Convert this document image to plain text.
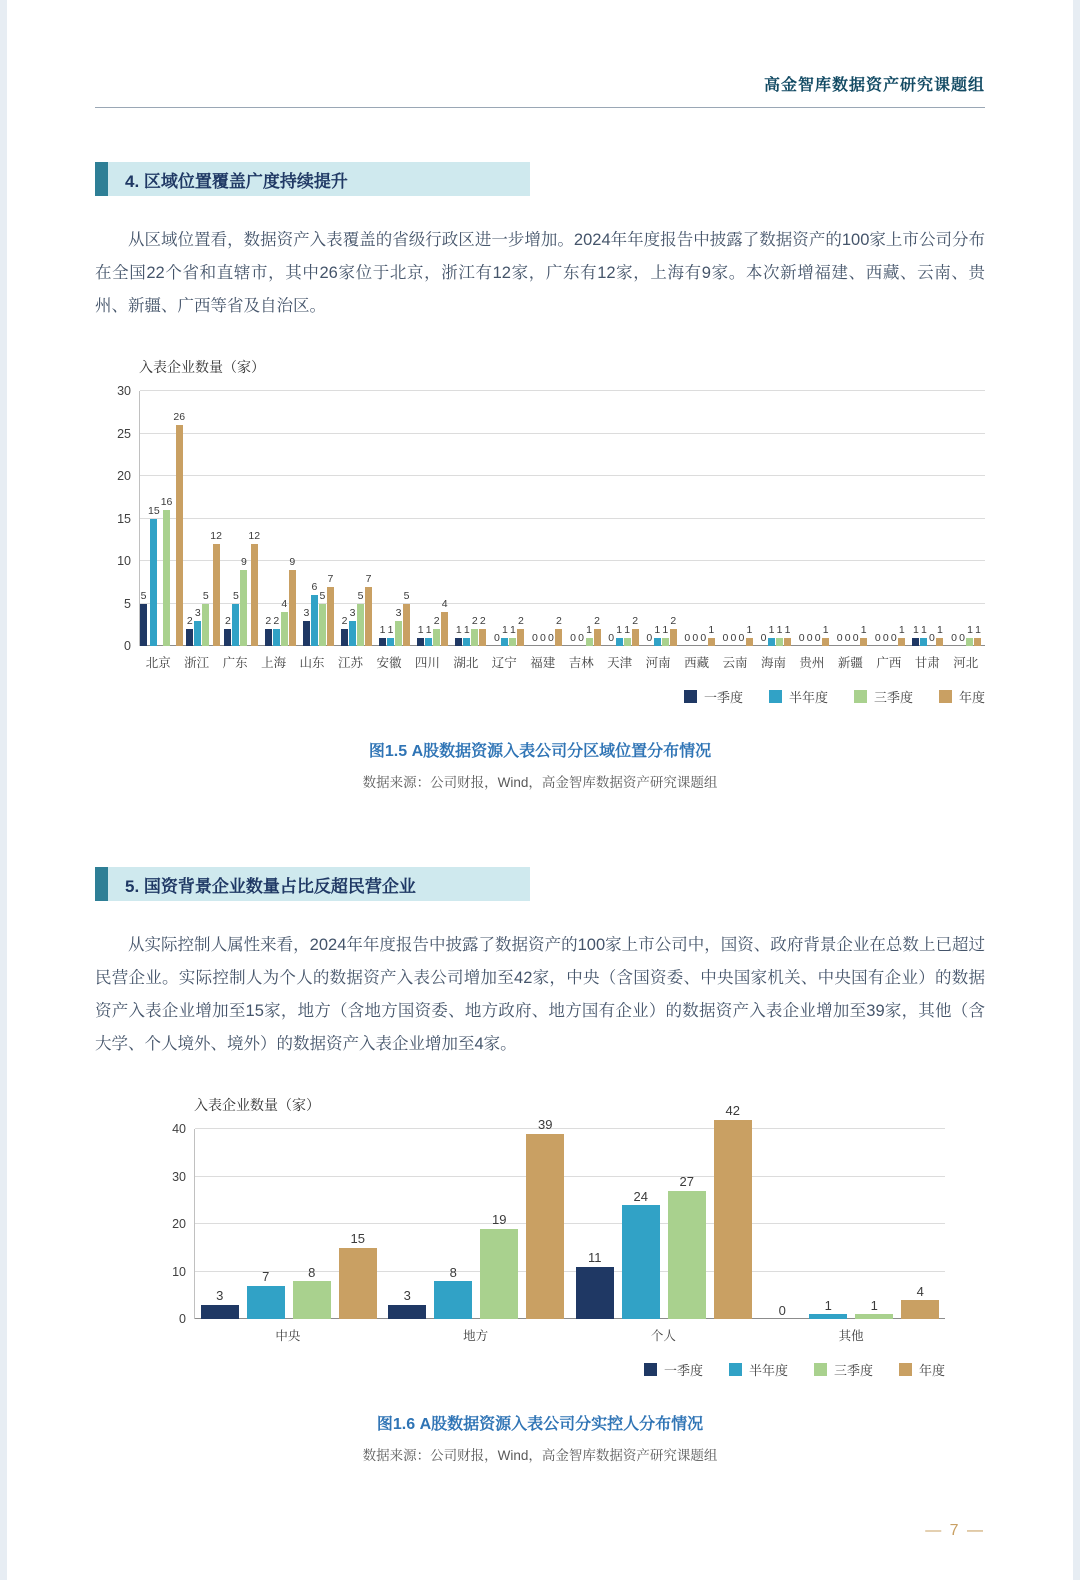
高金智库数据资产研究课题组
4. 区域位置覆盖广度持续提升

从区域位置看，数据资产入表覆盖的省级行政区进一步增加。2024年年度报告中披露了数据资产的100家上市公司分布在全国22个省和直辖市，其中26家位于北京，浙江有12家，广东有12家，上海有9家。本次新增福建、西藏、云南、贵州、新疆、广西等省及自治区。

入表企业数量（家）
0
5
10
15
20
25
30
5
15
16
26
2
3
5
12
2
5
9
12
2 2
4
9
3
6
5
7
2
3
5
7
1 1
3
5
1 1
2
4
1 1
2 2
0
1 1
2
0 0 0
2
0 0
1
2
0
1 1
2
0
1 1
2
0 0 0
1
0 0 0
1
0
1 1 1
0 0 0
1
0 0 0
1
0 0 0
1 1 1
0
1
0 0
1 1
北京	浙江	广东	上海	山东	江苏	安徽	四川	湖北	辽宁	福建	吉林	天津	河南	西藏	云南	海南	贵州	新疆	广西	甘肃	河北
一季度	半年度	三季度	年度
图1.5 A股数据资源入表公司分区域位置分布情况
数据来源：公司财报，Wind，高金智库数据资产研究课题组
5. 国资背景企业数量占比反超民营企业

从实际控制人属性来看，2024年年度报告中披露了数据资产的100家上市公司中，国资、政府背景企业在总数上已超过民营企业。实际控制人为个人的数据资产入表公司增加至42家，中央（含国资委、中央国家机关、中央国有企业）的数据资产入表企业增加至15家，地方（含地方国资委、地方政府、地方国有企业）的数据资产入表企业增加至39家，其他（含大学、个人境外、境外）的数据资产入表企业增加至4家。

入表企业数量（家）
0
10
20
30
40
3
7	8
15
3
8
19
39
11
24
27
42
0	1	1
4
中央	地方	个人	其他
一季度	半年度	三季度	年度
图1.6 A股数据资源入表公司分实控人分布情况
数据来源：公司财报，Wind，高金智库数据资产研究课题组
— 7 —
